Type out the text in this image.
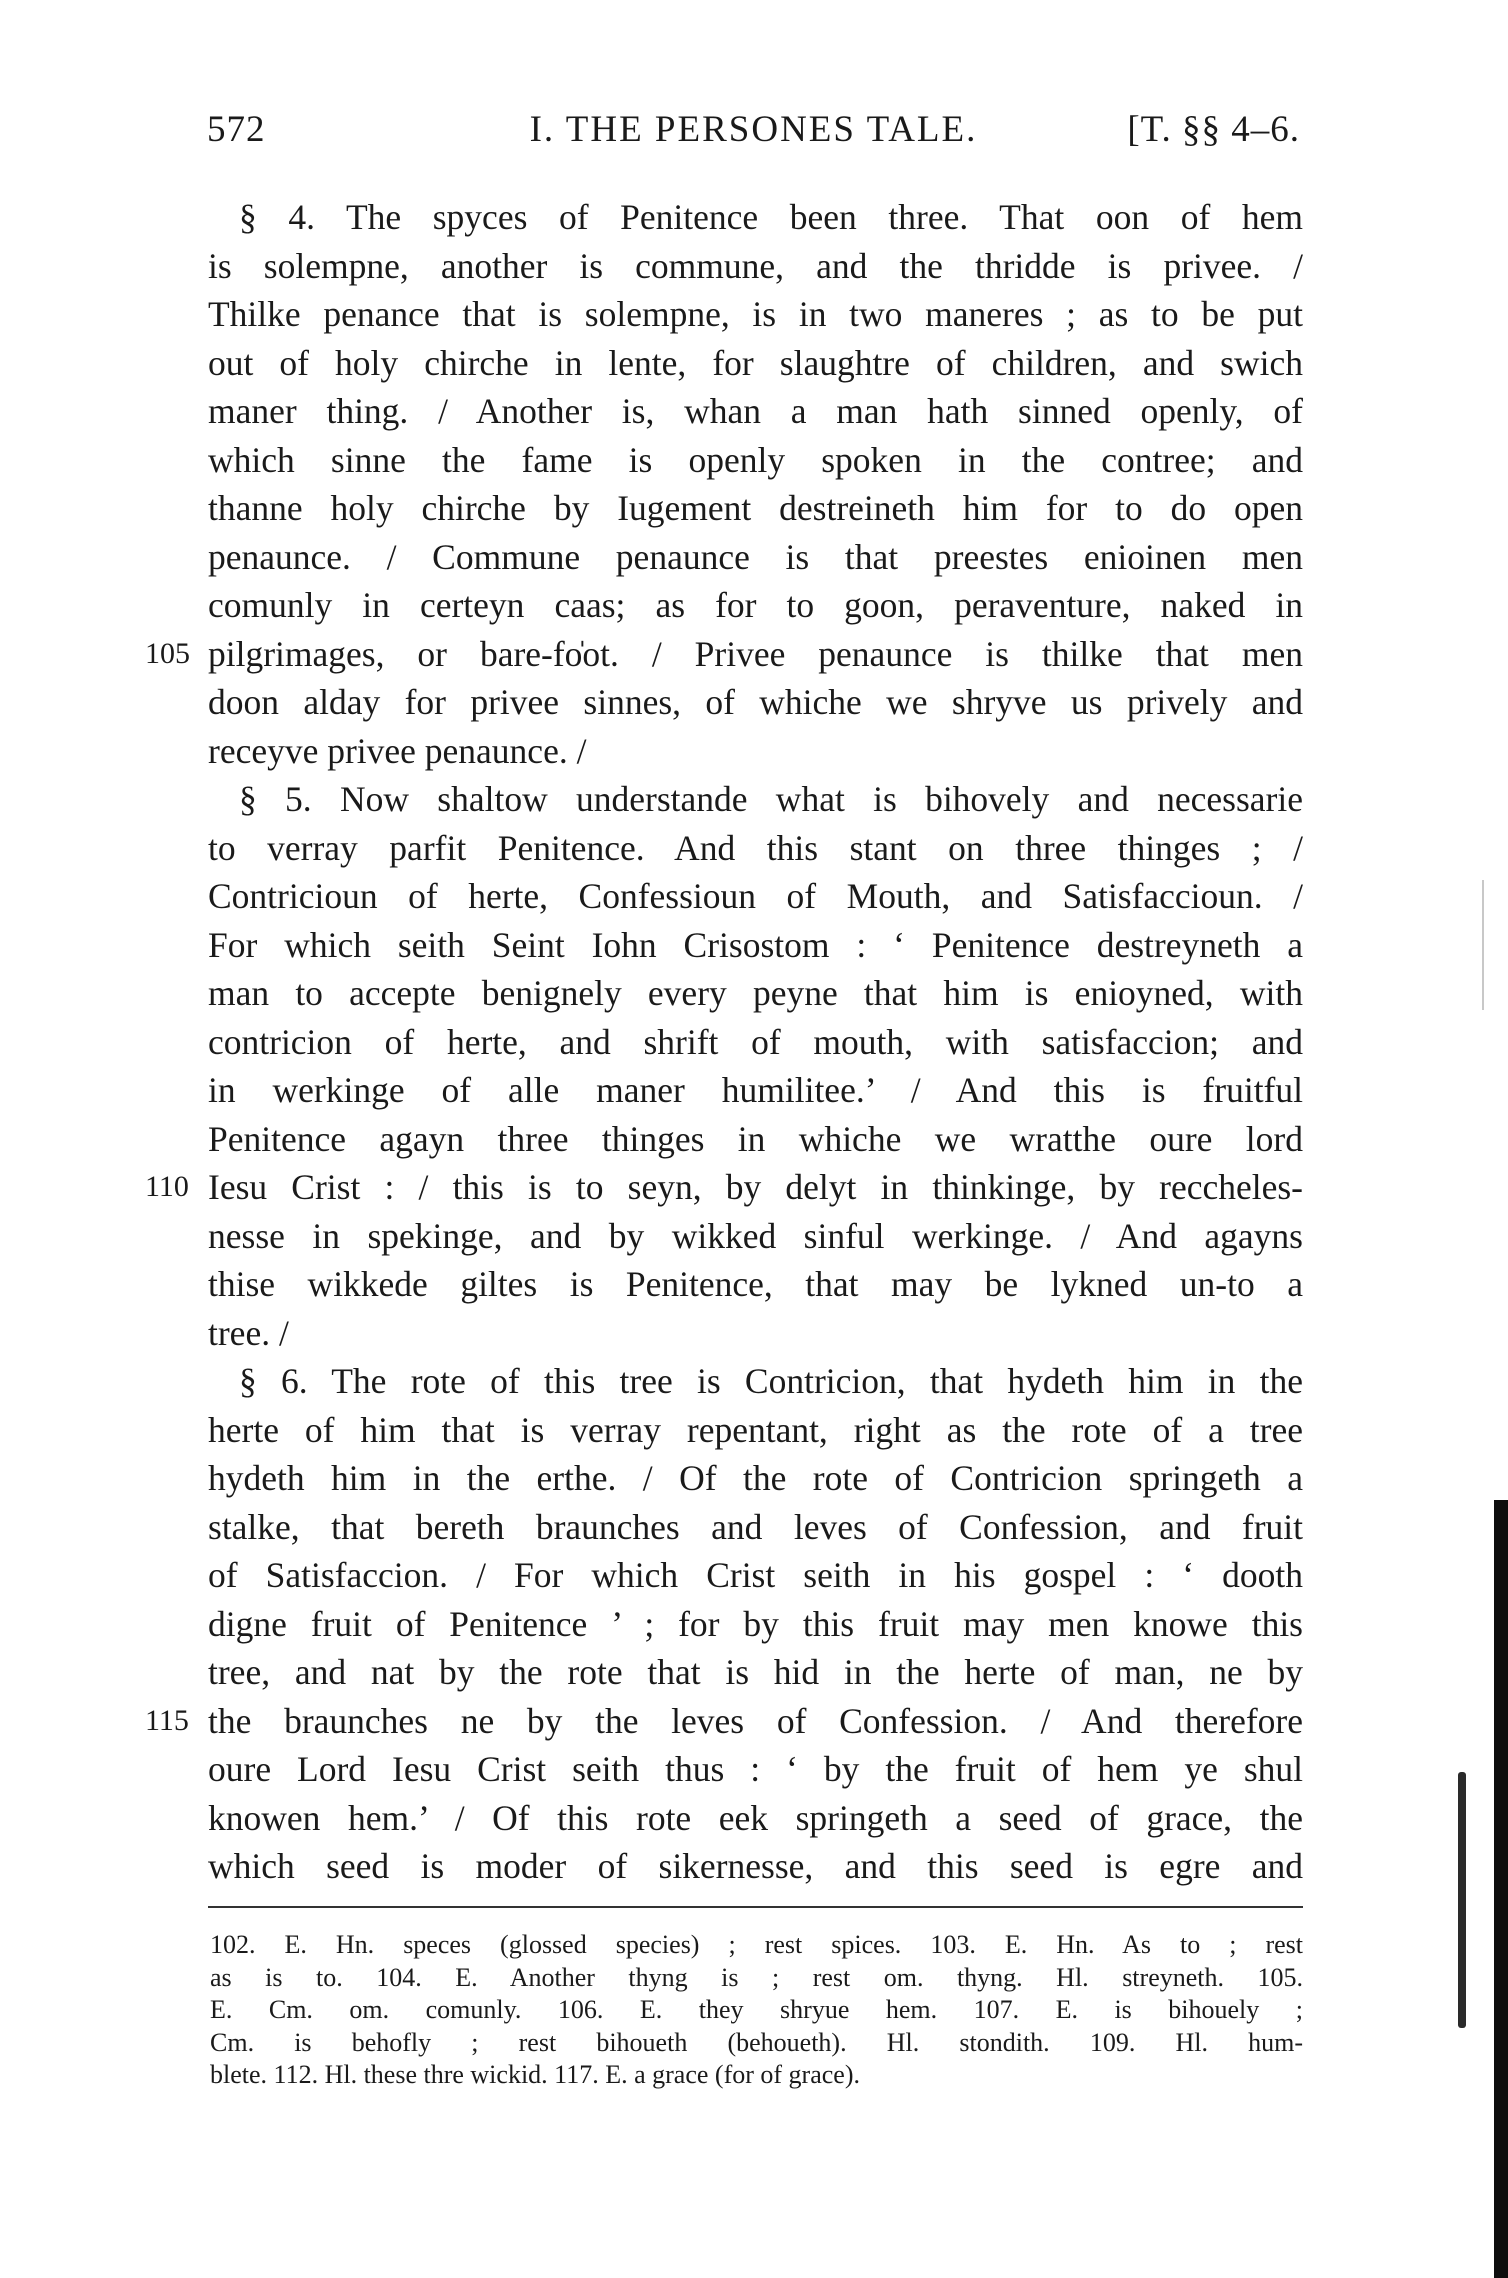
572	I. THE PERSONES TALE.	[T. §§ 4–6.
§ 4. The spyces of Penitence been three. That oon of hem
is solempne, another is commune, and the thridde is privee. /
Thilke penance that is solempne, is in two maneres ; as to be put
out of holy chirche in lente, for slaughtre of children, and swich
maner thing. / Another is, whan a man hath sinned openly, of
which sinne the fame is openly spoken in the contree; and
thanne holy chirche by Iugement destreineth him for to do open
penaunce. / Commune penaunce is that preestes enioinen men
comunly in certeyn caas; as for to goon, peraventure, naked in
105 pilgrimages, or bare-fo̍ot. / Privee penaunce is thilke that men
doon alday for privee sinnes, of whiche we shryve us prively and
receyve privee penaunce. /
§ 5. Now shaltow understande what is bihovely and necessarie
to verray parfit Penitence. And this stant on three thinges ; /
Contricioun of herte, Confessioun of Mouth, and Satisfaccioun. /
For which seith Seint Iohn Crisostom : ‘ Penitence destreyneth a
man to accepte benignely every peyne that him is enioyned, with
contricion of herte, and shrift of mouth, with satisfaccion; and
in werkinge of alle maner humilitee.’ / And this is fruitful
Penitence agayn three thinges in whiche we wratthe oure lord
110 Iesu Crist : / this is to seyn, by delyt in thinkinge, by reccheles-
nesse in spekinge, and by wikked sinful werkinge. / And agayns
thise wikkede giltes is Penitence, that may be lykned un-to a
tree. /
§ 6. The rote of this tree is Contricion, that hydeth him in the
herte of him that is verray repentant, right as the rote of a tree
hydeth him in the erthe. / Of the rote of Contricion springeth a
stalke, that bereth braunches and leves of Confession, and fruit
of Satisfaccion. / For which Crist seith in his gospel : ‘ dooth
digne fruit of Penitence ’ ; for by this fruit may men knowe this
tree, and nat by the rote that is hid in the herte of man, ne by
115 the braunches ne by the leves of Confession. / And therefore
oure Lord Iesu Crist seith thus : ‘ by the fruit of hem ye shul
knowen hem.’ / Of this rote eek springeth a seed of grace, the
which seed is moder of sikernesse, and this seed is egre and
102. E. Hn. speces (glossed species) ; rest spices. 103. E. Hn. As to ; rest
as is to. 104. E. Another thyng is ; rest om. thyng. Hl. streyneth. 105.
E. Cm. om. comunly. 106. E. they shryue hem. 107. E. is bihouely ;
Cm. is behofly ; rest bihoueth (behoueth). Hl. stondith. 109. Hl. hum-
blete. 112. Hl. these thre wickid. 117. E. a grace (for of grace).
